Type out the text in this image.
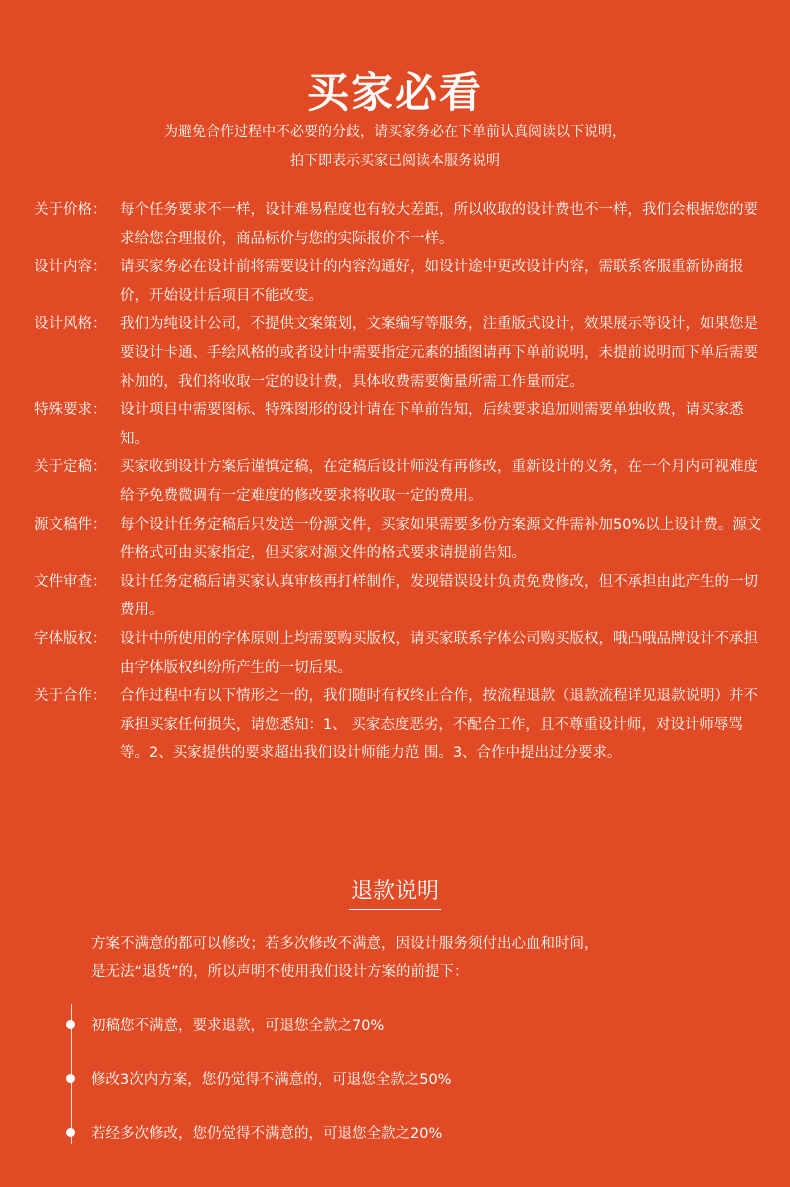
买家必看
为避免合作过程中不必要的分歧，请买家务必在下单前认真阅读以下说明，
拍下即表示买家已阅读本服务说明
关于价格： 每个任务要求不一样，设计难易程度也有较大差距，所以收取的设计费也不一样，我们会根据您的要求给您合理报价，商品标价与您的实际报价不一样。
设计内容： 请买家务必在设计前将需要设计的内容沟通好，如设计途中更改设计内容，需联系客服重新协商报价，开始设计后项目不能改变。
设计风格： 我们为纯设计公司，不提供文案策划，文案编写等服务，注重版式设计，效果展示等设计，如果您是要设计卡通、手绘风格的或者设计中需要指定元素的插图请再下单前说明，未提前说明而下单后需要补加的，我们将收取一定的设计费，具体收费需要衡量所需工作量而定。
特殊要求： 设计项目中需要图标、特殊图形的设计请在下单前告知，后续要求追加则需要单独收费，请买家悉知。
关于定稿： 买家收到设计方案后谨慎定稿，在定稿后设计师没有再修改，重新设计的义务，在一个月内可视难度给予免费微调有一定难度的修改要求将收取一定的费用。
源文稿件： 每个设计任务定稿后只发送一份源文件，买家如果需要多份方案源文件需补加50%以上设计费。源文件格式可由买家指定，但买家对源文件的格式要求请提前告知。
文件审查： 设计任务定稿后请买家认真审核再打样制作，发现错误设计负责免费修改，但不承担由此产生的一切费用。
字体版权： 设计中所使用的字体原则上均需要购买版权，请买家联系字体公司购买版权，哦凸哦品牌设计不承担由字体版权纠纷所产生的一切后果。
关于合作： 合作过程中有以下情形之一的，我们随时有权终止合作，按流程退款（退款流程详见退款说明）并不承担买家任何损失，请您悉知：1、 买家态度恶劣，不配合工作，且不尊重设计师，对设计师辱骂等。2、买家提供的要求超出我们设计师能力范 围。3、合作中提出过分要求。
退款说明
方案不满意的都可以修改；若多次修改不满意，因设计服务须付出心血和时间，
是无法“退货”的，所以声明不使用我们设计方案的前提下：
初稿您不满意，要求退款，可退您全款之70%
修改3次内方案，您仍觉得不满意的，可退您全款之50%
若经多次修改，您仍觉得不满意的，可退您全款之20%
